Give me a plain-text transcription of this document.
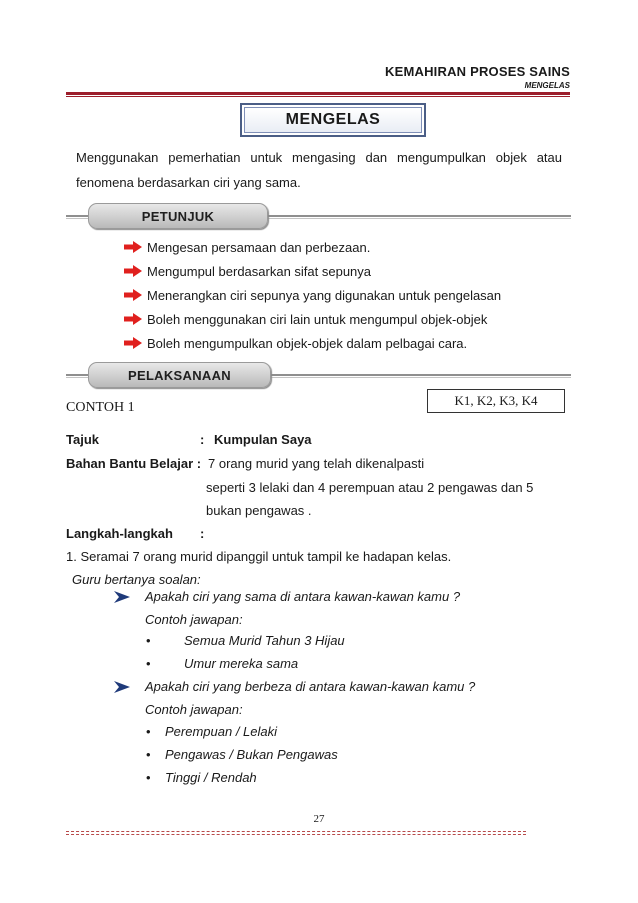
KEMAHIRAN PROSES SAINS
MENGELAS
MENGELAS
Menggunakan pemerhatian untuk mengasing dan mengumpulkan objek atau fenomena berdasarkan ciri yang sama.
PETUNJUK
Mengesan persamaan dan perbezaan.
Mengumpul berdasarkan sifat sepunya
Menerangkan ciri sepunya yang digunakan untuk pengelasan
Boleh menggunakan ciri lain untuk mengumpul objek-objek
Boleh mengumpulkan objek-objek dalam pelbagai cara.
PELAKSANAAN
CONTOH 1	K1, K2, K3, K4
Tajuk	: Kumpulan Saya
Bahan Bantu Belajar : 7 orang murid yang telah dikenalpasti
seperti 3 lelaki dan 4 perempuan atau 2 pengawas dan 5
bukan pengawas .
Langkah-langkah :
1. Seramai 7 orang murid dipanggil untuk tampil ke hadapan kelas.
Guru bertanya soalan:
Apakah ciri yang sama di antara kawan-kawan kamu ?
Contoh jawapan:
•	Semua Murid Tahun 3 Hijau
•	Umur mereka sama
Apakah ciri yang berbeza di antara kawan-kawan kamu ?
Contoh jawapan:
• Perempuan / Lelaki
• Pengawas / Bukan Pengawas
• Tinggi / Rendah
27
